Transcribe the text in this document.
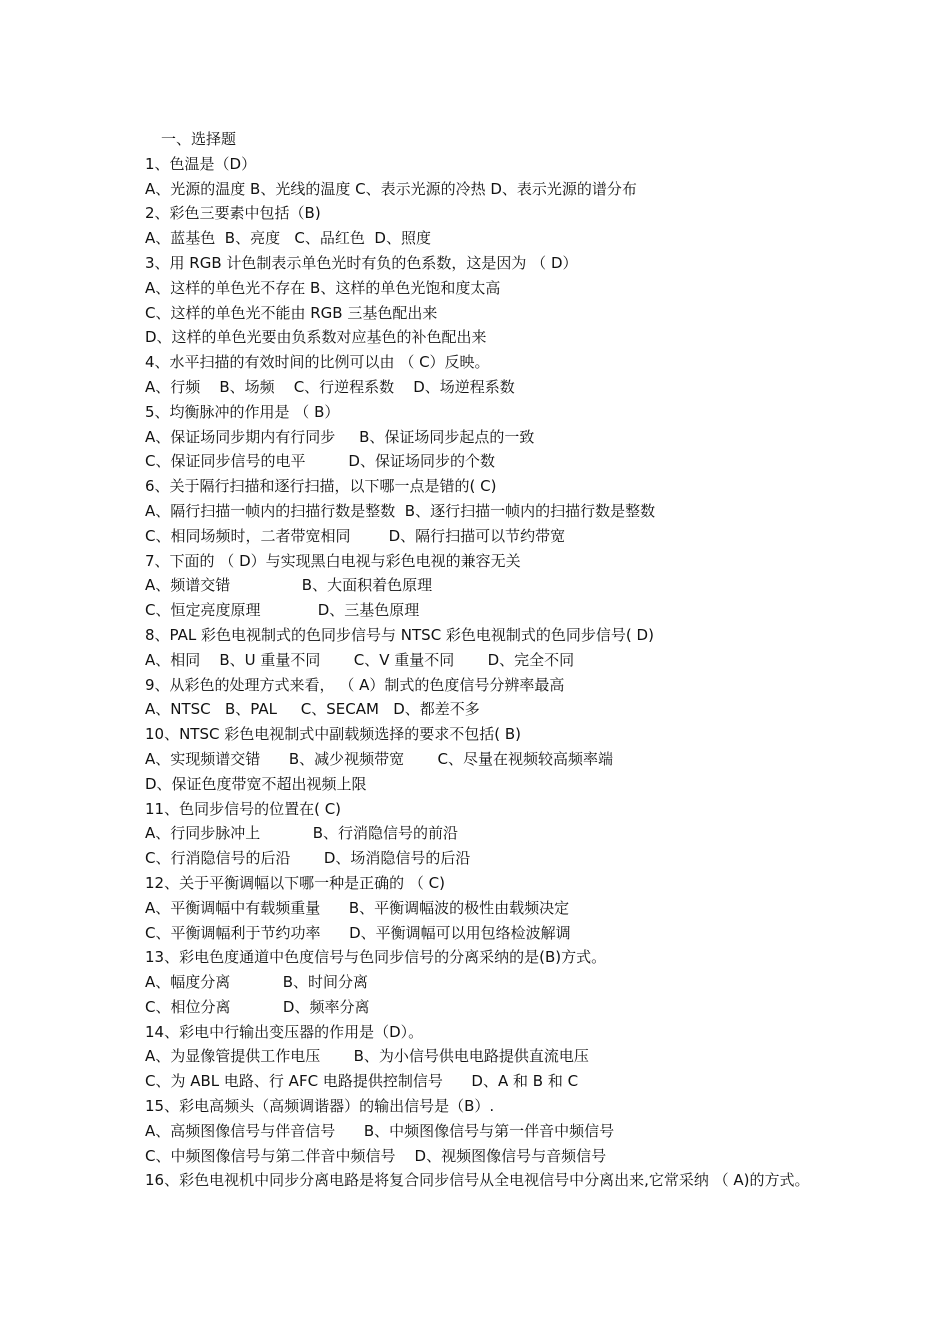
一、选择题
1、色温是（D）
A、光源的温度 B、光线的温度 C、表示光源的冷热 D、表示光源的谱分布
2、彩色三要素中包括（B)
A、蓝基色  B、亮度   C、品红色  D、照度
3、用 RGB 计色制表示单色光时有负的色系数，这是因为 （ D）
A、这样的单色光不存在 B、这样的单色光饱和度太高
C、这样的单色光不能由 RGB 三基色配出来
D、这样的单色光要由负系数对应基色的补色配出来
4、水平扫描的有效时间的比例可以由 （ C）反映。
A、行频    B、场频    C、行逆程系数    D、场逆程系数
5、均衡脉冲的作用是 （ B）
A、保证场同步期内有行同步     B、保证场同步起点的一致
C、保证同步信号的电平         D、保证场同步的个数
6、关于隔行扫描和逐行扫描，以下哪一点是错的( C)
A、隔行扫描一帧内的扫描行数是整数  B、逐行扫描一帧内的扫描行数是整数
C、相同场频时，二者带宽相同        D、隔行扫描可以节约带宽
7、下面的 （ D）与实现黑白电视与彩色电视的兼容无关
A、频谱交错               B、大面积着色原理
C、恒定亮度原理            D、三基色原理
8、PAL 彩色电视制式的色同步信号与 NTSC 彩色电视制式的色同步信号( D)
A、相同    B、U 重量不同       C、V 重量不同       D、完全不同
9、从彩色的处理方式来看， （ A）制式的色度信号分辨率最高
A、NTSC   B、PAL     C、SECAM   D、都差不多
10、NTSC 彩色电视制式中副载频选择的要求不包括( B)
A、实现频谱交错      B、减少视频带宽       C、尽量在视频较高频率端
D、保证色度带宽不超出视频上限
11、色同步信号的位置在( C)
A、行同步脉冲上           B、行消隐信号的前沿
C、行消隐信号的后沿       D、场消隐信号的后沿
12、关于平衡调幅以下哪一种是正确的 （ C)
A、平衡调幅中有载频重量      B、平衡调幅波的极性由载频决定
C、平衡调幅利于节约功率      D、平衡调幅可以用包络检波解调
13、彩电色度通道中色度信号与色同步信号的分离采纳的是(B)方式。
A、幅度分离           B、时间分离
C、相位分离           D、频率分离
14、彩电中行输出变压器的作用是（D）。
A、为显像管提供工作电压       B、为小信号供电电路提供直流电压
C、为 ABL 电路、行 AFC 电路提供控制信号      D、A 和 B 和 C
15、彩电高频头（高频调谐器）的输出信号是（B）.
A、高频图像信号与伴音信号      B、中频图像信号与第一伴音中频信号
C、中频图像信号与第二伴音中频信号    D、视频图像信号与音频信号
16、彩色电视机中同步分离电路是将复合同步信号从全电视信号中分离出来,它常采纳 （ A)的方式。
